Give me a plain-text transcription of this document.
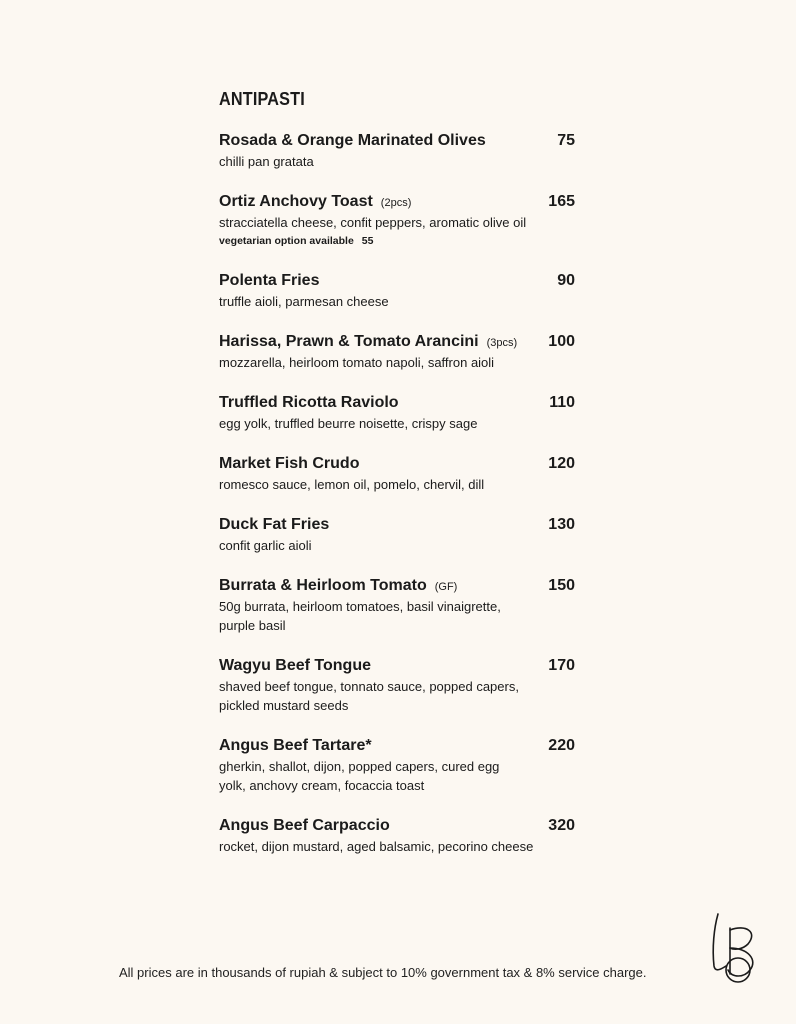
ANTIPASTI
Rosada & Orange Marinated Olives	75
chilli pan gratata
Ortiz Anchovy Toast (2pcs)	165
stracciatella cheese, confit peppers, aromatic olive oil
vegetarian option available 55
Polenta Fries	90
truffle aioli, parmesan cheese
Harissa, Prawn & Tomato Arancini (3pcs) 100
mozzarella, heirloom tomato napoli, saffron aioli
Truffled Ricotta Raviolo	110
egg yolk, truffled beurre noisette, crispy sage
Market Fish Crudo	120
romesco sauce, lemon oil, pomelo, chervil, dill
Duck Fat Fries	130
confit garlic aioli
Burrata & Heirloom Tomato (GF)	150
50g burrata, heirloom tomatoes, basil vinaigrette, purple basil
Wagyu Beef Tongue	170
shaved beef tongue, tonnato sauce, popped capers, pickled mustard seeds
Angus Beef Tartare*	220
gherkin, shallot, dijon, popped capers, cured egg yolk, anchovy cream, focaccia toast
Angus Beef Carpaccio	320
rocket, dijon mustard, aged balsamic, pecorino cheese
All prices are in thousands of rupiah & subject to 10% government tax & 8% service charge.
